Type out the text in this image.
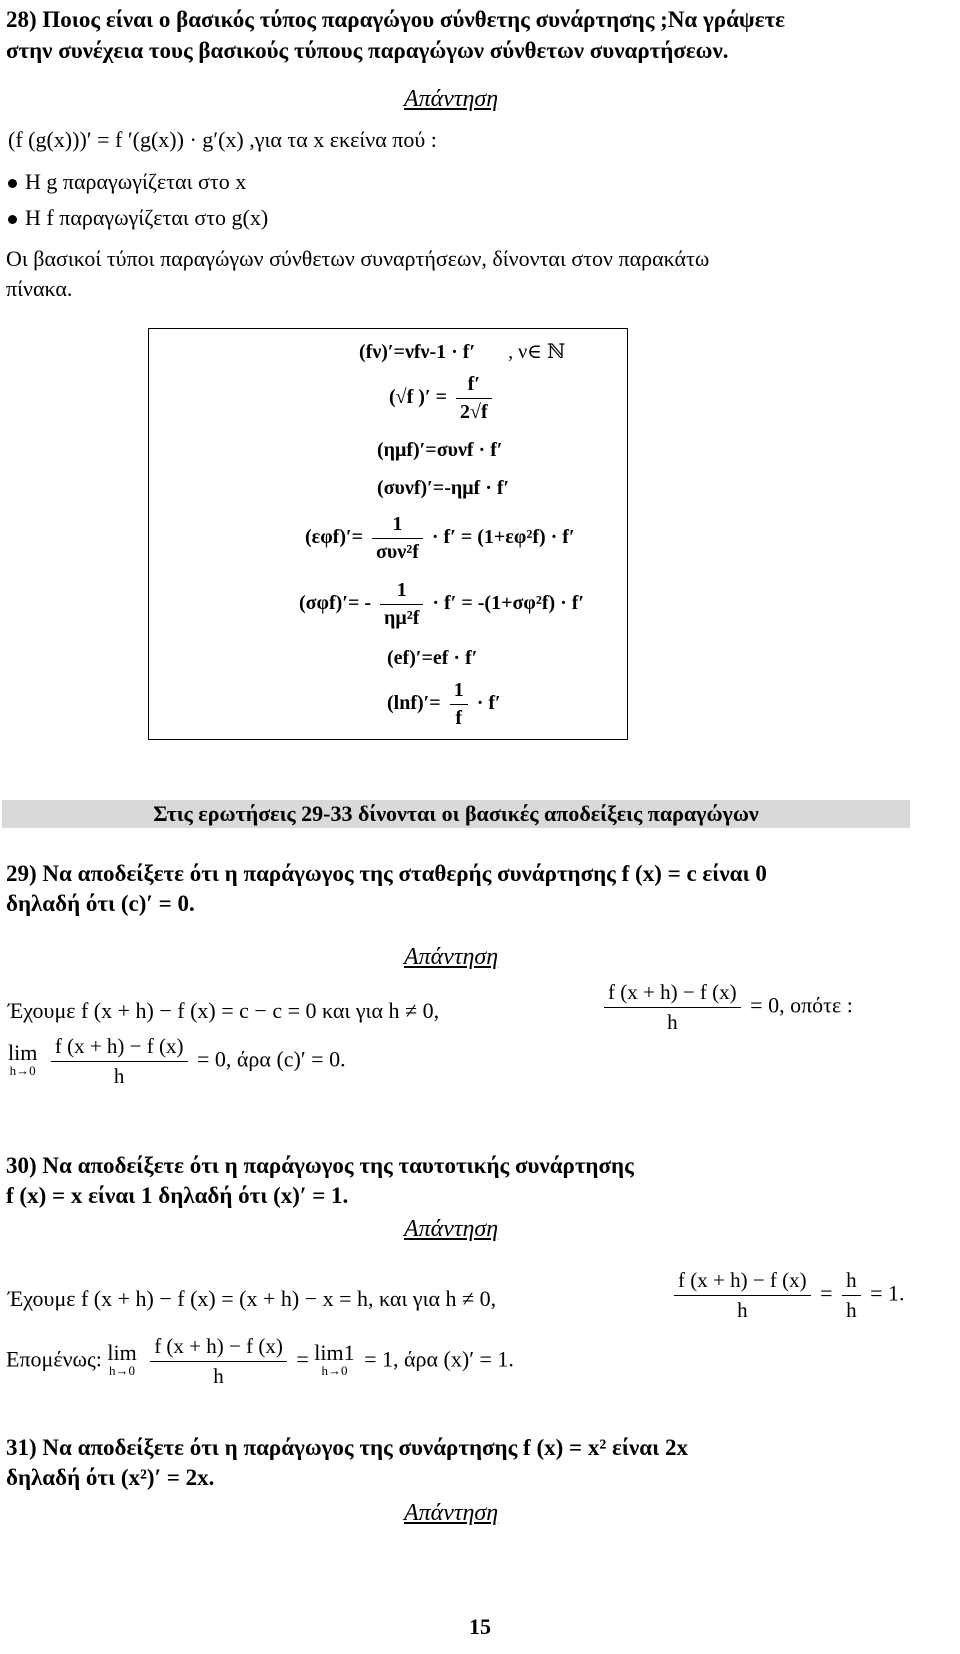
28) Ποιος είναι ο βασικός τύπος παραγώγου σύνθετης συνάρτησης ;Να γράψετε
στην συνέχεια τους βασικούς τύπους παραγώγων σύνθετων συναρτήσεων.
Απάντηση
(f (g(x)))′ = f ′(g(x)) · g′(x) ,για τα x εκείνα πού :
Η g παραγωγίζεται στο x
Η f παραγωγίζεται στο g(x)
Οι βασικοί τύποι παραγώγων σύνθετων συναρτήσεων, δίνονται στον παρακάτω
πίνακα.
(fν)′=νfν-1 · f′ , ν∈ ℕ
(√f )′ = $\frac{f'}{2√f}$
(ημf)′=συνf · f′
(συνf)′=-ημf · f′
$(\varepsilon\varphi f)'= \frac{1}{\text{συν²f}} \cdot f' = (1+\varepsilon\varphi^2f) \cdot f'$
$(\sigma\varphi f)'= - \frac{1}{\text{ημ²f}} \cdot f' = -(1+\sigma\varphi^2f) \cdot f'$
(ef)′=ef · f′
$(\ln f)'= \frac{1}{f} \cdot f'$
Στις ερωτήσεις 29-33 δίνονται οι βασικές αποδείξεις παραγώγων
29) Να αποδείξετε ότι η παράγωγος της σταθερής συνάρτησης f (x) = c είναι 0
δηλαδή ότι (c)′ = 0.
Απάντηση
Έχουμε f (x + h) − f (x) = c − c = 0 και για h ≠ 0,	$\frac{f (x + h) - f (x)}{h} = 0$, οπότε :
lim
h→0
$\frac{f (x + h) - f (x)}{h} = 0$, άρα (c)′ = 0.
30) Να αποδείξετε ότι η παράγωγος της ταυτοτικής συνάρτησης
f (x) = x είναι 1 δηλαδή ότι (x)′ = 1.
Απάντηση
Έχουμε f (x + h) − f (x) = (x + h) − x = h, και για h ≠ 0,	$\frac{f (x + h) - f (x)}{h} = \frac{h}{h} = 1$.
Επομένως: lim
h→0
$\frac{f (x + h) - f (x)}{h} = \lim 1$
h→0 = 1, άρα (x)′ = 1.
31) Να αποδείξετε ότι η παράγωγος της συνάρτησης f (x) = x² είναι 2x
δηλαδή ότι (x²)′ = 2x.
Απάντηση
15
